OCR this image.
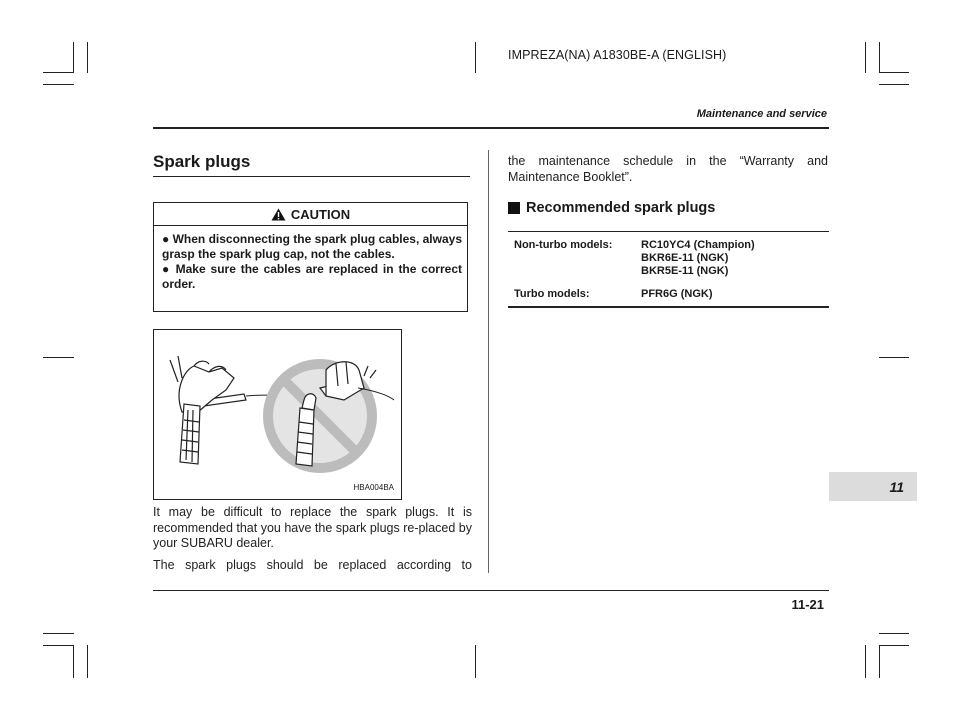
IMPREZA(NA) A1830BE-A (ENGLISH)
Maintenance and service
Spark plugs
CAUTION

● When disconnecting the spark plug cables, always grasp the spark plug cap, not the cables.

● Make sure the cables are replaced in the correct order.

HBA004BA
It may be difficult to replace the spark plugs. It is recommended that you have the spark plugs re-placed by your SUBARU dealer.
The spark plugs should be replaced according to
the maintenance schedule in the “Warranty and Maintenance Booklet”.
Recommended spark plugs
Non-turbo models:	RC10YC4 (Champion)
BKR6E-11 (NGK)
BKR5E-11 (NGK)
Turbo models:	PFR6G (NGK)
11
11-21
